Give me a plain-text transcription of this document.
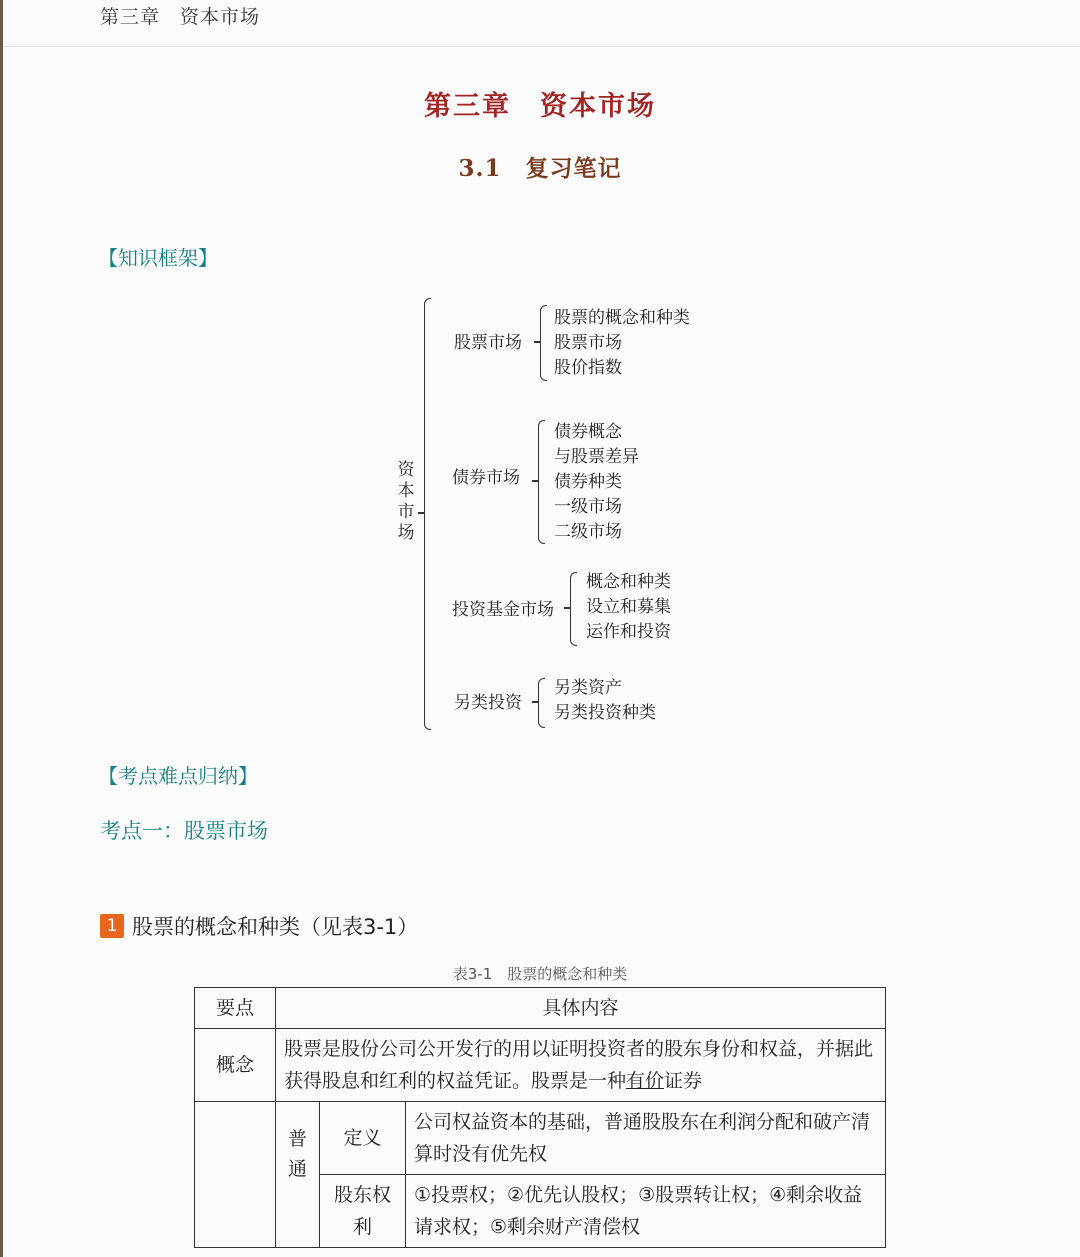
第三章　资本市场
第三章　资本市场
3.1　复习笔记
【知识框架】
资本市场
股票市场
股票的概念和种类
股票市场
股价指数
债券市场
债券概念
与股票差异
债券种类
一级市场
二级市场
投资基金市场
概念和种类
设立和募集
运作和投资
另类投资
另类资产
另类投资种类
【考点难点归纳】
考点一：股票市场
1 股票的概念和种类（见表3-1）
表3-1　股票的概念和种类
要点	具体内容		
概念	股票是股份公司公开发行的用以证明投资者的股东身份和权益，并据此获得股息和红利的权益凭证。股票是一种有价证券		
	普通	定义	公司权益资本的基础，普通股股东在利润分配和破产清算时没有优先权
		股东权利	①投票权；②优先认股权；③股票转让权；④剩余收益请求权；⑤剩余财产清偿权
